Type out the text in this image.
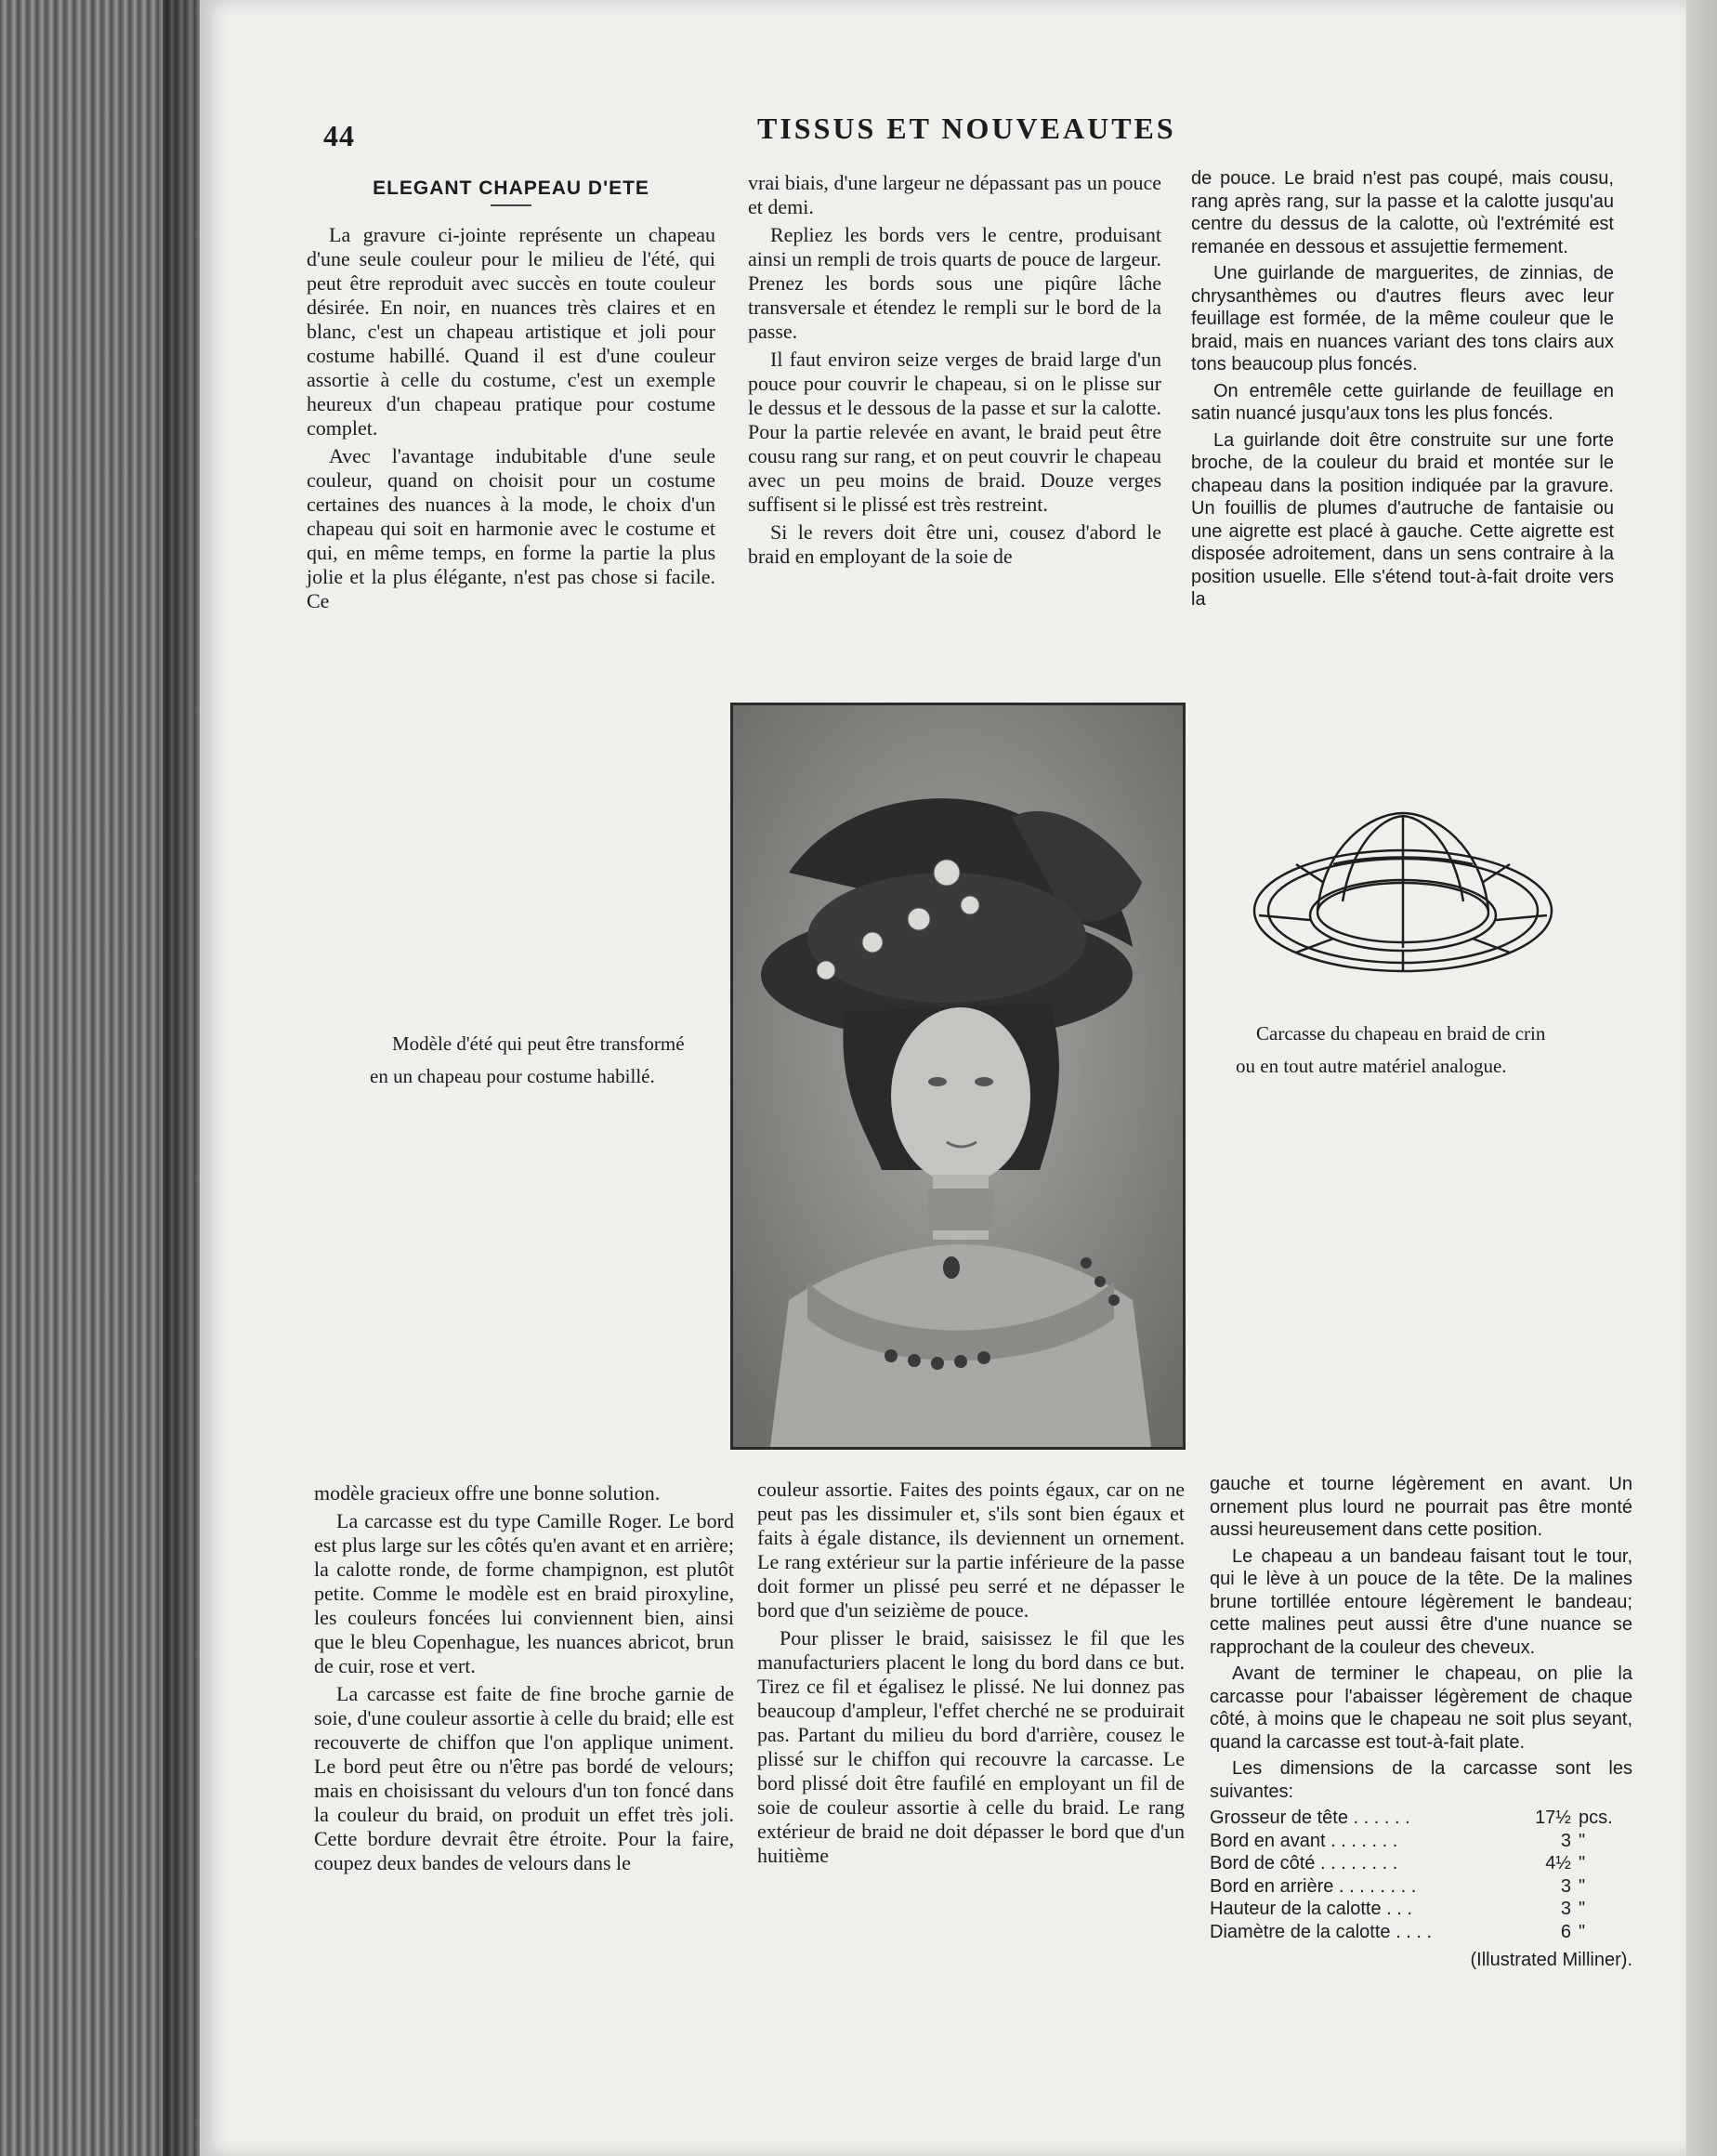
44	TISSUS ET NOUVEAUTES
ELEGANT CHAPEAU D'ETE

La gravure ci-jointe représente un chapeau d'une seule couleur pour le milieu de l'été, qui peut être reproduit avec succès en toute couleur désirée. En noir, en nuances très claires et en blanc, c'est un chapeau artistique et joli pour costume habillé. Quand il est d'une couleur assortie à celle du costume, c'est un exemple heureux d'un chapeau pratique pour costume complet.

Avec l'avantage indubitable d'une seule couleur, quand on choisit pour un costume certaines des nuances à la mode, le choix d'un chapeau qui soit en harmonie avec le costume et qui, en même temps, en forme la partie la plus jolie et la plus élégante, n'est pas chose si facile. Ce

vrai biais, d'une largeur ne dépassant pas un pouce et demi.

Repliez les bords vers le centre, produisant ainsi un rempli de trois quarts de pouce de largeur. Prenez les bords sous une piqûre lâche transversale et étendez le rempli sur le bord de la passe.

Il faut environ seize verges de braid large d'un pouce pour couvrir le chapeau, si on le plisse sur le dessus et le dessous de la passe et sur la calotte. Pour la partie relevée en avant, le braid peut être cousu rang sur rang, et on peut couvrir le chapeau avec un peu moins de braid. Douze verges suffisent si le plissé est très restreint.

Si le revers doit être uni, cousez d'abord le braid en employant de la soie de

de pouce. Le braid n'est pas coupé, mais cousu, rang après rang, sur la passe et la calotte jusqu'au centre du dessus de la calotte, où l'extrémité est remanée en dessous et assujettie fermement.

Une guirlande de marguerites, de zinnias, de chrysanthèmes ou d'autres fleurs avec leur feuillage est formée, de la même couleur que le braid, mais en nuances variant des tons clairs aux tons beaucoup plus foncés.

On entremêle cette guirlande de feuillage en satin nuancé jusqu'aux tons les plus foncés.

La guirlande doit être construite sur une forte broche, de la couleur du braid et montée sur le chapeau dans la position indiquée par la gravure. Un fouillis de plumes d'autruche de fantaisie ou une aigrette est placé à gauche. Cette aigrette est disposée adroitement, dans un sens contraire à la position usuelle. Elle s'étend tout-à-fait droite vers la

Modèle d'été qui peut être transformé en un chapeau pour costume habillé.
Carcasse du chapeau en braid de crin ou en tout autre matériel analogue.

modèle gracieux offre une bonne solution.

La carcasse est du type Camille Roger. Le bord est plus large sur les côtés qu'en avant et en arrière; la calotte ronde, de forme champignon, est plutôt petite. Comme le modèle est en braid piroxyline, les couleurs foncées lui conviennent bien, ainsi que le bleu Copenhague, les nuances abricot, brun de cuir, rose et vert.

La carcasse est faite de fine broche garnie de soie, d'une couleur assortie à celle du braid; elle est recouverte de chiffon que l'on applique uniment. Le bord peut être ou n'être pas bordé de velours; mais en choisissant du velours d'un ton foncé dans la couleur du braid, on produit un effet très joli. Cette bordure devrait être étroite. Pour la faire, coupez deux bandes de velours dans le

couleur assortie. Faites des points égaux, car on ne peut pas les dissimuler et, s'ils sont bien égaux et faits à égale distance, ils deviennent un ornement. Le rang extérieur sur la partie inférieure de la passe doit former un plissé peu serré et ne dépasser le bord que d'un seizième de pouce.

Pour plisser le braid, saisissez le fil que les manufacturiers placent le long du bord dans ce but. Tirez ce fil et égalisez le plissé. Ne lui donnez pas beaucoup d'ampleur, l'effet cherché ne se produirait pas. Partant du milieu du bord d'arrière, cousez le plissé sur le chiffon qui recouvre la carcasse. Le bord plissé doit être faufilé en employant un fil de soie de couleur assortie à celle du braid. Le rang extérieur de braid ne doit dépasser le bord que d'un huitième

gauche et tourne légèrement en avant. Un ornement plus lourd ne pourrait pas être monté aussi heureusement dans cette position.

Le chapeau a un bandeau faisant tout le tour, qui le lève à un pouce de la tête. De la malines brune tortillée entoure légèrement le bandeau; cette malines peut aussi être d'une nuance se rapprochant de la couleur des cheveux.

Avant de terminer le chapeau, on plie la carcasse pour l'abaisser légèrement de chaque côté, à moins que le chapeau ne soit plus seyant, quand la carcasse est tout-à-fait plate.

Les dimensions de la carcasse sont les suivantes:

Grosseur de tête . . . . . .	17½	pcs.
Bord en avant . . . . . . .	3	"
Bord de côté . . . . . . . .	4½	"
Bord en arrière . . . . . . . .	3	"
Hauteur de la calotte . . .	3	"
Diamètre de la calotte . . . .	6	"
(Illustrated Milliner).
